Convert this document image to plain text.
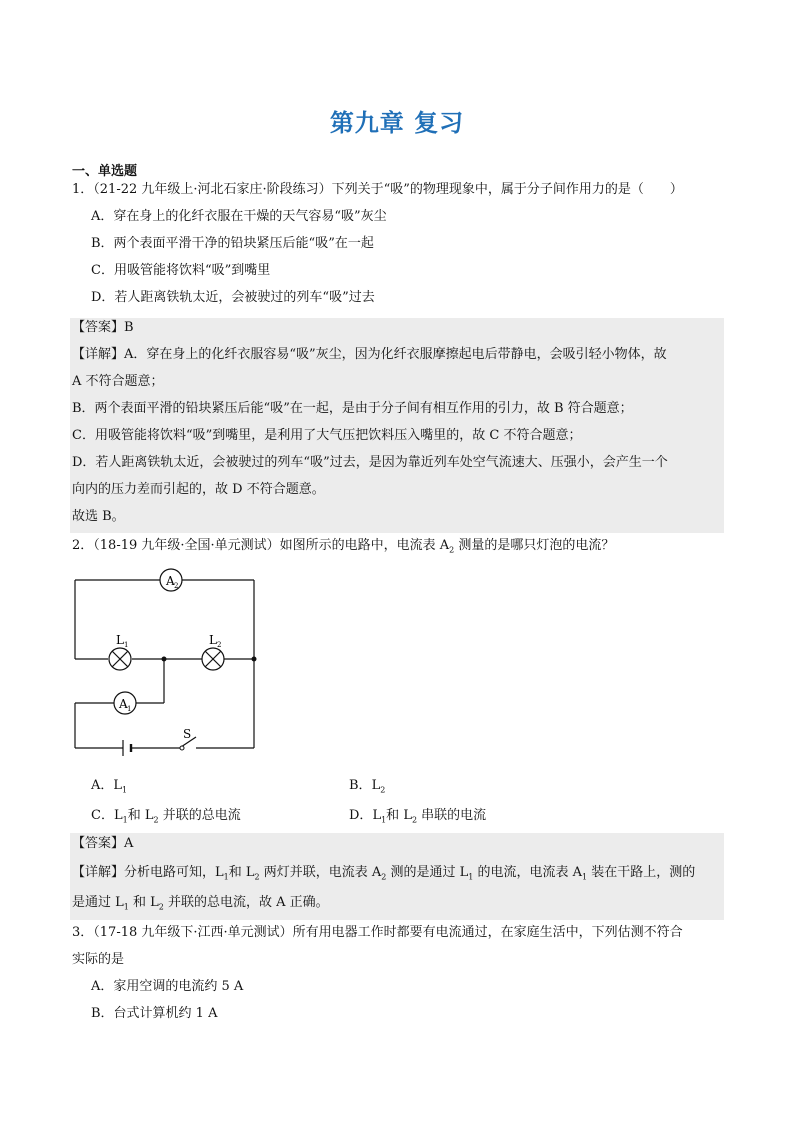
第九章 复习
一、单选题
1．（21-22 九年级上·河北石家庄·阶段练习）下列关于“吸”的物理现象中，属于分子间作用力的是（　　）
A．穿在身上的化纤衣服在干燥的天气容易“吸”灰尘
B．两个表面平滑干净的铅块紧压后能“吸”在一起
C．用吸管能将饮料“吸”到嘴里
D．若人距离铁轨太近，会被驶过的列车“吸”过去
【答案】B
【详解】A．穿在身上的化纤衣服容易“吸”灰尘，因为化纤衣服摩擦起电后带静电，会吸引轻小物体，故
A 不符合题意；
B．两个表面平滑的铅块紧压后能“吸”在一起，是由于分子间有相互作用的引力，故 B 符合题意；
C．用吸管能将饮料“吸”到嘴里，是利用了大气压把饮料压入嘴里的，故 C 不符合题意；
D．若人距离铁轨太近，会被驶过的列车“吸”过去，是因为靠近列车处空气流速大、压强小，会产生一个
向内的压力差而引起的，故 D 不符合题意。
故选 B。
2．（18-19 九年级·全国·单元测试）如图所示的电路中，电流表 $A_2$ 测量的是哪只灯泡的电流？
A 2
A 1
L 1	L 2
S
A．$L_1$	B．$L_2$
C．$L_1$和 $L_2$ 并联的总电流	D．$L_1$和 $L_2$ 串联的电流
【答案】A
【详解】分析电路可知，$L_1$和 $L_2$ 两灯并联，电流表 $A_2$ 测的是通过 $L_1$ 的电流，电流表 $A_1$ 装在干路上，测的
是通过 $L_1$ 和 $L_2$ 并联的总电流，故 A 正确。
3．（17-18 九年级下·江西·单元测试）所有用电器工作时都要有电流通过，在家庭生活中，下列估测不符合
实际的是
A．家用空调的电流约 5 A
B．台式计算机约 1 A
